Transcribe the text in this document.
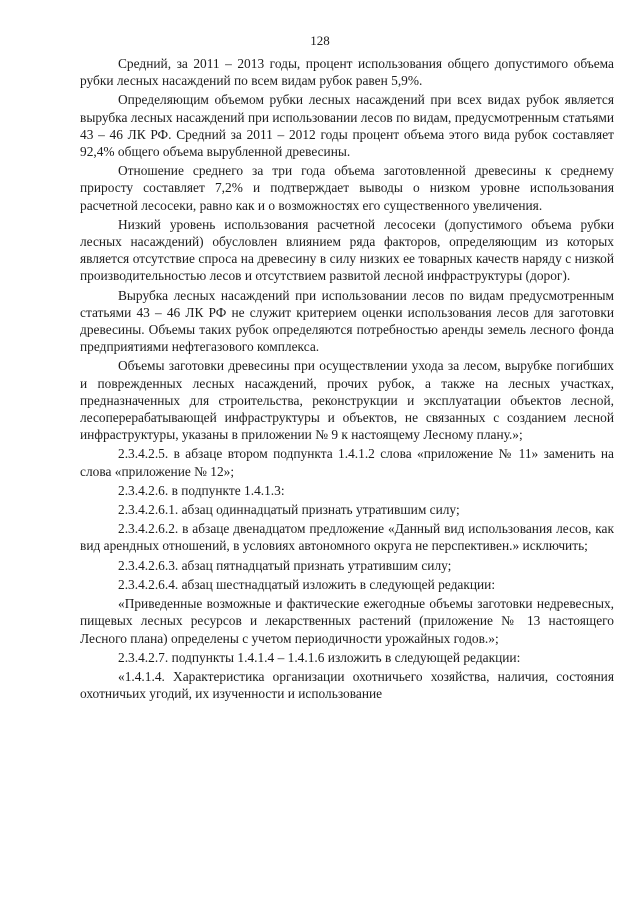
128

Средний, за 2011 – 2013 годы, процент использования общего допустимого объема рубки лесных насаждений по всем видам рубок равен 5,9%.

Определяющим объемом рубки лесных насаждений при всех видах рубок является вырубка лесных насаждений при использовании лесов по видам, предусмотренным статьями 43 – 46 ЛК РФ. Средний за 2011 – 2012 годы процент объема этого вида рубок составляет 92,4% общего объема вырубленной древесины.

Отношение среднего за три года объема заготовленной древесины к среднему приросту составляет 7,2% и подтверждает выводы о низком уровне использования расчетной лесосеки, равно как и о возможностях его существенного увеличения.

Низкий уровень использования расчетной лесосеки (допустимого объема рубки лесных насаждений) обусловлен влиянием ряда факторов, определяющим из которых является отсутствие спроса на древесину в силу низких ее товарных качеств наряду с низкой производительностью лесов и отсутствием развитой лесной инфраструктуры (дорог).

Вырубка лесных насаждений при использовании лесов по видам предусмотренным статьями 43 – 46 ЛК РФ не служит критерием оценки использования лесов для заготовки древесины. Объемы таких рубок определяются потребностью аренды земель лесного фонда предприятиями нефтегазового комплекса.

Объемы заготовки древесины при осуществлении ухода за лесом, вырубке погибших и поврежденных лесных насаждений, прочих рубок, а также на лесных участках, предназначенных для строительства, реконструкции и эксплуатации объектов лесной, лесоперерабатывающей инфраструктуры и объектов, не связанных с созданием лесной инфраструктуры, указаны в приложении № 9 к настоящему Лесному плану.»;

2.3.4.2.5. в абзаце втором подпункта 1.4.1.2 слова «приложение № 11» заменить на слова «приложение № 12»;

2.3.4.2.6. в подпункте 1.4.1.3:

2.3.4.2.6.1. абзац одиннадцатый признать утратившим силу;

2.3.4.2.6.2. в абзаце двенадцатом предложение «Данный вид использования лесов, как вид арендных отношений, в условиях автономного округа не перспективен.» исключить;

2.3.4.2.6.3. абзац пятнадцатый признать утратившим силу;

2.3.4.2.6.4. абзац шестнадцатый изложить в следующей редакции:

«Приведенные возможные и фактические ежегодные объемы заготовки недревесных, пищевых лесных ресурсов и лекарственных растений (приложение № 13 настоящего Лесного плана) определены с учетом периодичности урожайных годов.»;

2.3.4.2.7. подпункты 1.4.1.4 – 1.4.1.6 изложить в следующей редакции:

«1.4.1.4. Характеристика организации охотничьего хозяйства, наличия, состояния охотничьих угодий, их изученности и использование
